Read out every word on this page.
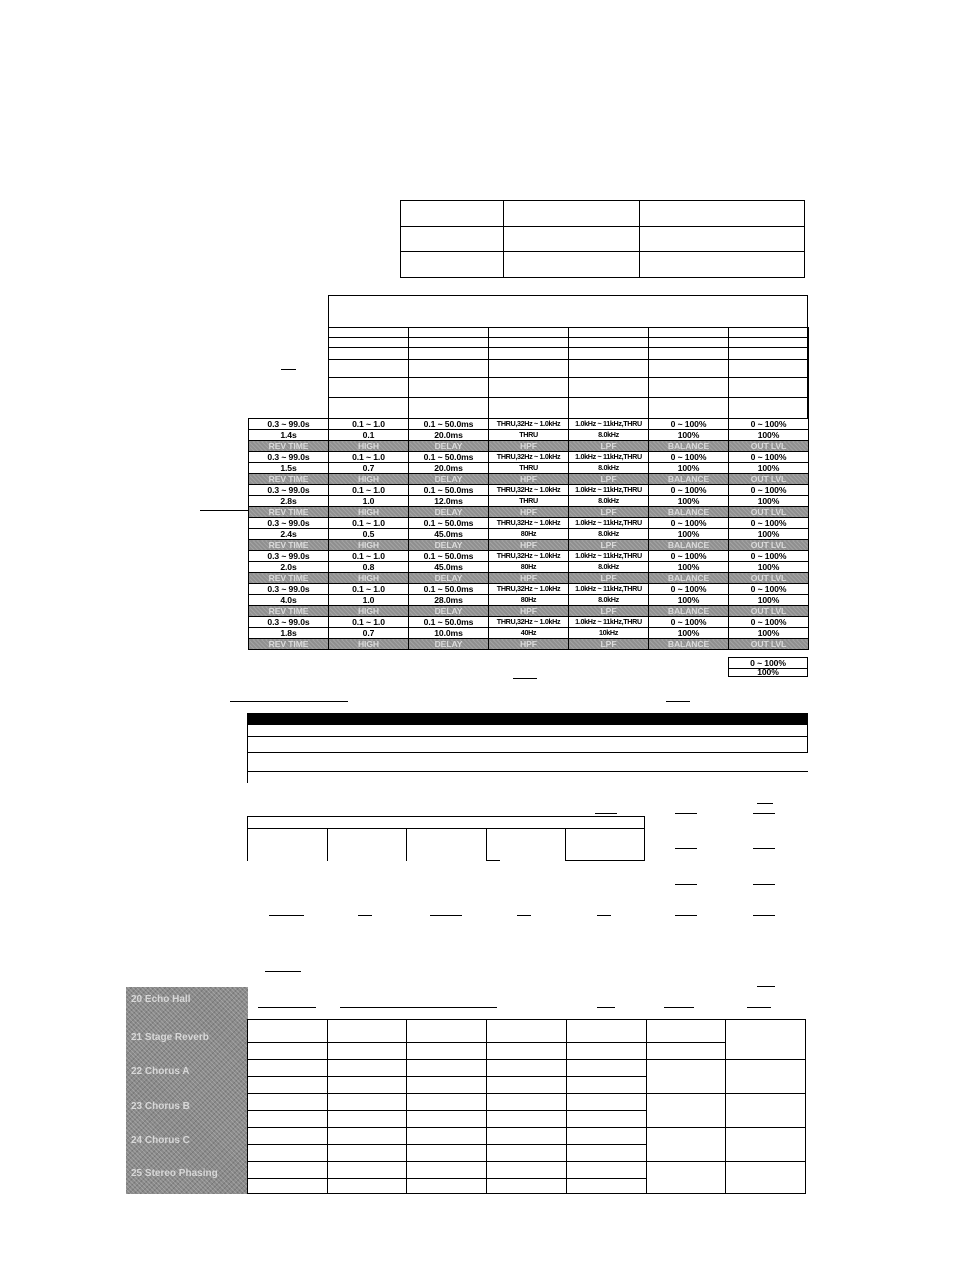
0.3 ~ 99.0s	0.1 ~ 1.0	0.1 ~ 50.0ms	THRU,32Hz ~ 1.0kHz	1.0kHz ~ 11kHz,THRU	0 ~ 100%	0 ~ 100%
1.4s	0.1	20.0ms	THRU	8.0kHz	100%	100%
REV TIME	HIGH	DELAY	HPF	LPF	BALANCE	OUT LVL
0.3 ~ 99.0s	0.1 ~ 1.0	0.1 ~ 50.0ms	THRU,32Hz ~ 1.0kHz	1.0kHz ~ 11kHz,THRU	0 ~ 100%	0 ~ 100%
1.5s	0.7	20.0ms	THRU	8.0kHz	100%	100%
REV TIME	HIGH	DELAY	HPF	LPF	BALANCE	OUT LVL
0.3 ~ 99.0s	0.1 ~ 1.0	0.1 ~ 50.0ms	THRU,32Hz ~ 1.0kHz	1.0kHz ~ 11kHz,THRU	0 ~ 100%	0 ~ 100%
2.8s	1.0	12.0ms	THRU	8.0kHz	100%	100%
REV TIME	HIGH	DELAY	HPF	LPF	BALANCE	OUT LVL
0.3 ~ 99.0s	0.1 ~ 1.0	0.1 ~ 50.0ms	THRU,32Hz ~ 1.0kHz	1.0kHz ~ 11kHz,THRU	0 ~ 100%	0 ~ 100%
2.4s	0.5	45.0ms	80Hz	8.0kHz	100%	100%
REV TIME	HIGH	DELAY	HPF	LPF	BALANCE	OUT LVL
0.3 ~ 99.0s	0.1 ~ 1.0	0.1 ~ 50.0ms	THRU,32Hz ~ 1.0kHz	1.0kHz ~ 11kHz,THRU	0 ~ 100%	0 ~ 100%
2.0s	0.8	45.0ms	80Hz	8.0kHz	100%	100%
REV TIME	HIGH	DELAY	HPF	LPF	BALANCE	OUT LVL
0.3 ~ 99.0s	0.1 ~ 1.0	0.1 ~ 50.0ms	THRU,32Hz ~ 1.0kHz	1.0kHz ~ 11kHz,THRU	0 ~ 100%	0 ~ 100%
4.0s	1.0	28.0ms	80Hz	8.0kHz	100%	100%
REV TIME	HIGH	DELAY	HPF	LPF	BALANCE	OUT LVL
0.3 ~ 99.0s	0.1 ~ 1.0	0.1 ~ 50.0ms	THRU,32Hz ~ 1.0kHz	1.0kHz ~ 11kHz,THRU	0 ~ 100%	0 ~ 100%
1.8s	0.7	10.0ms	40Hz	10kHz	100%	100%
REV TIME	HIGH	DELAY	HPF	LPF	BALANCE	OUT LVL
0 ~ 100%
100%
20 Echo Hall
21 Stage Reverb
22 Chorus A
23 Chorus B
24 Chorus C
25 Stereo Phasing
